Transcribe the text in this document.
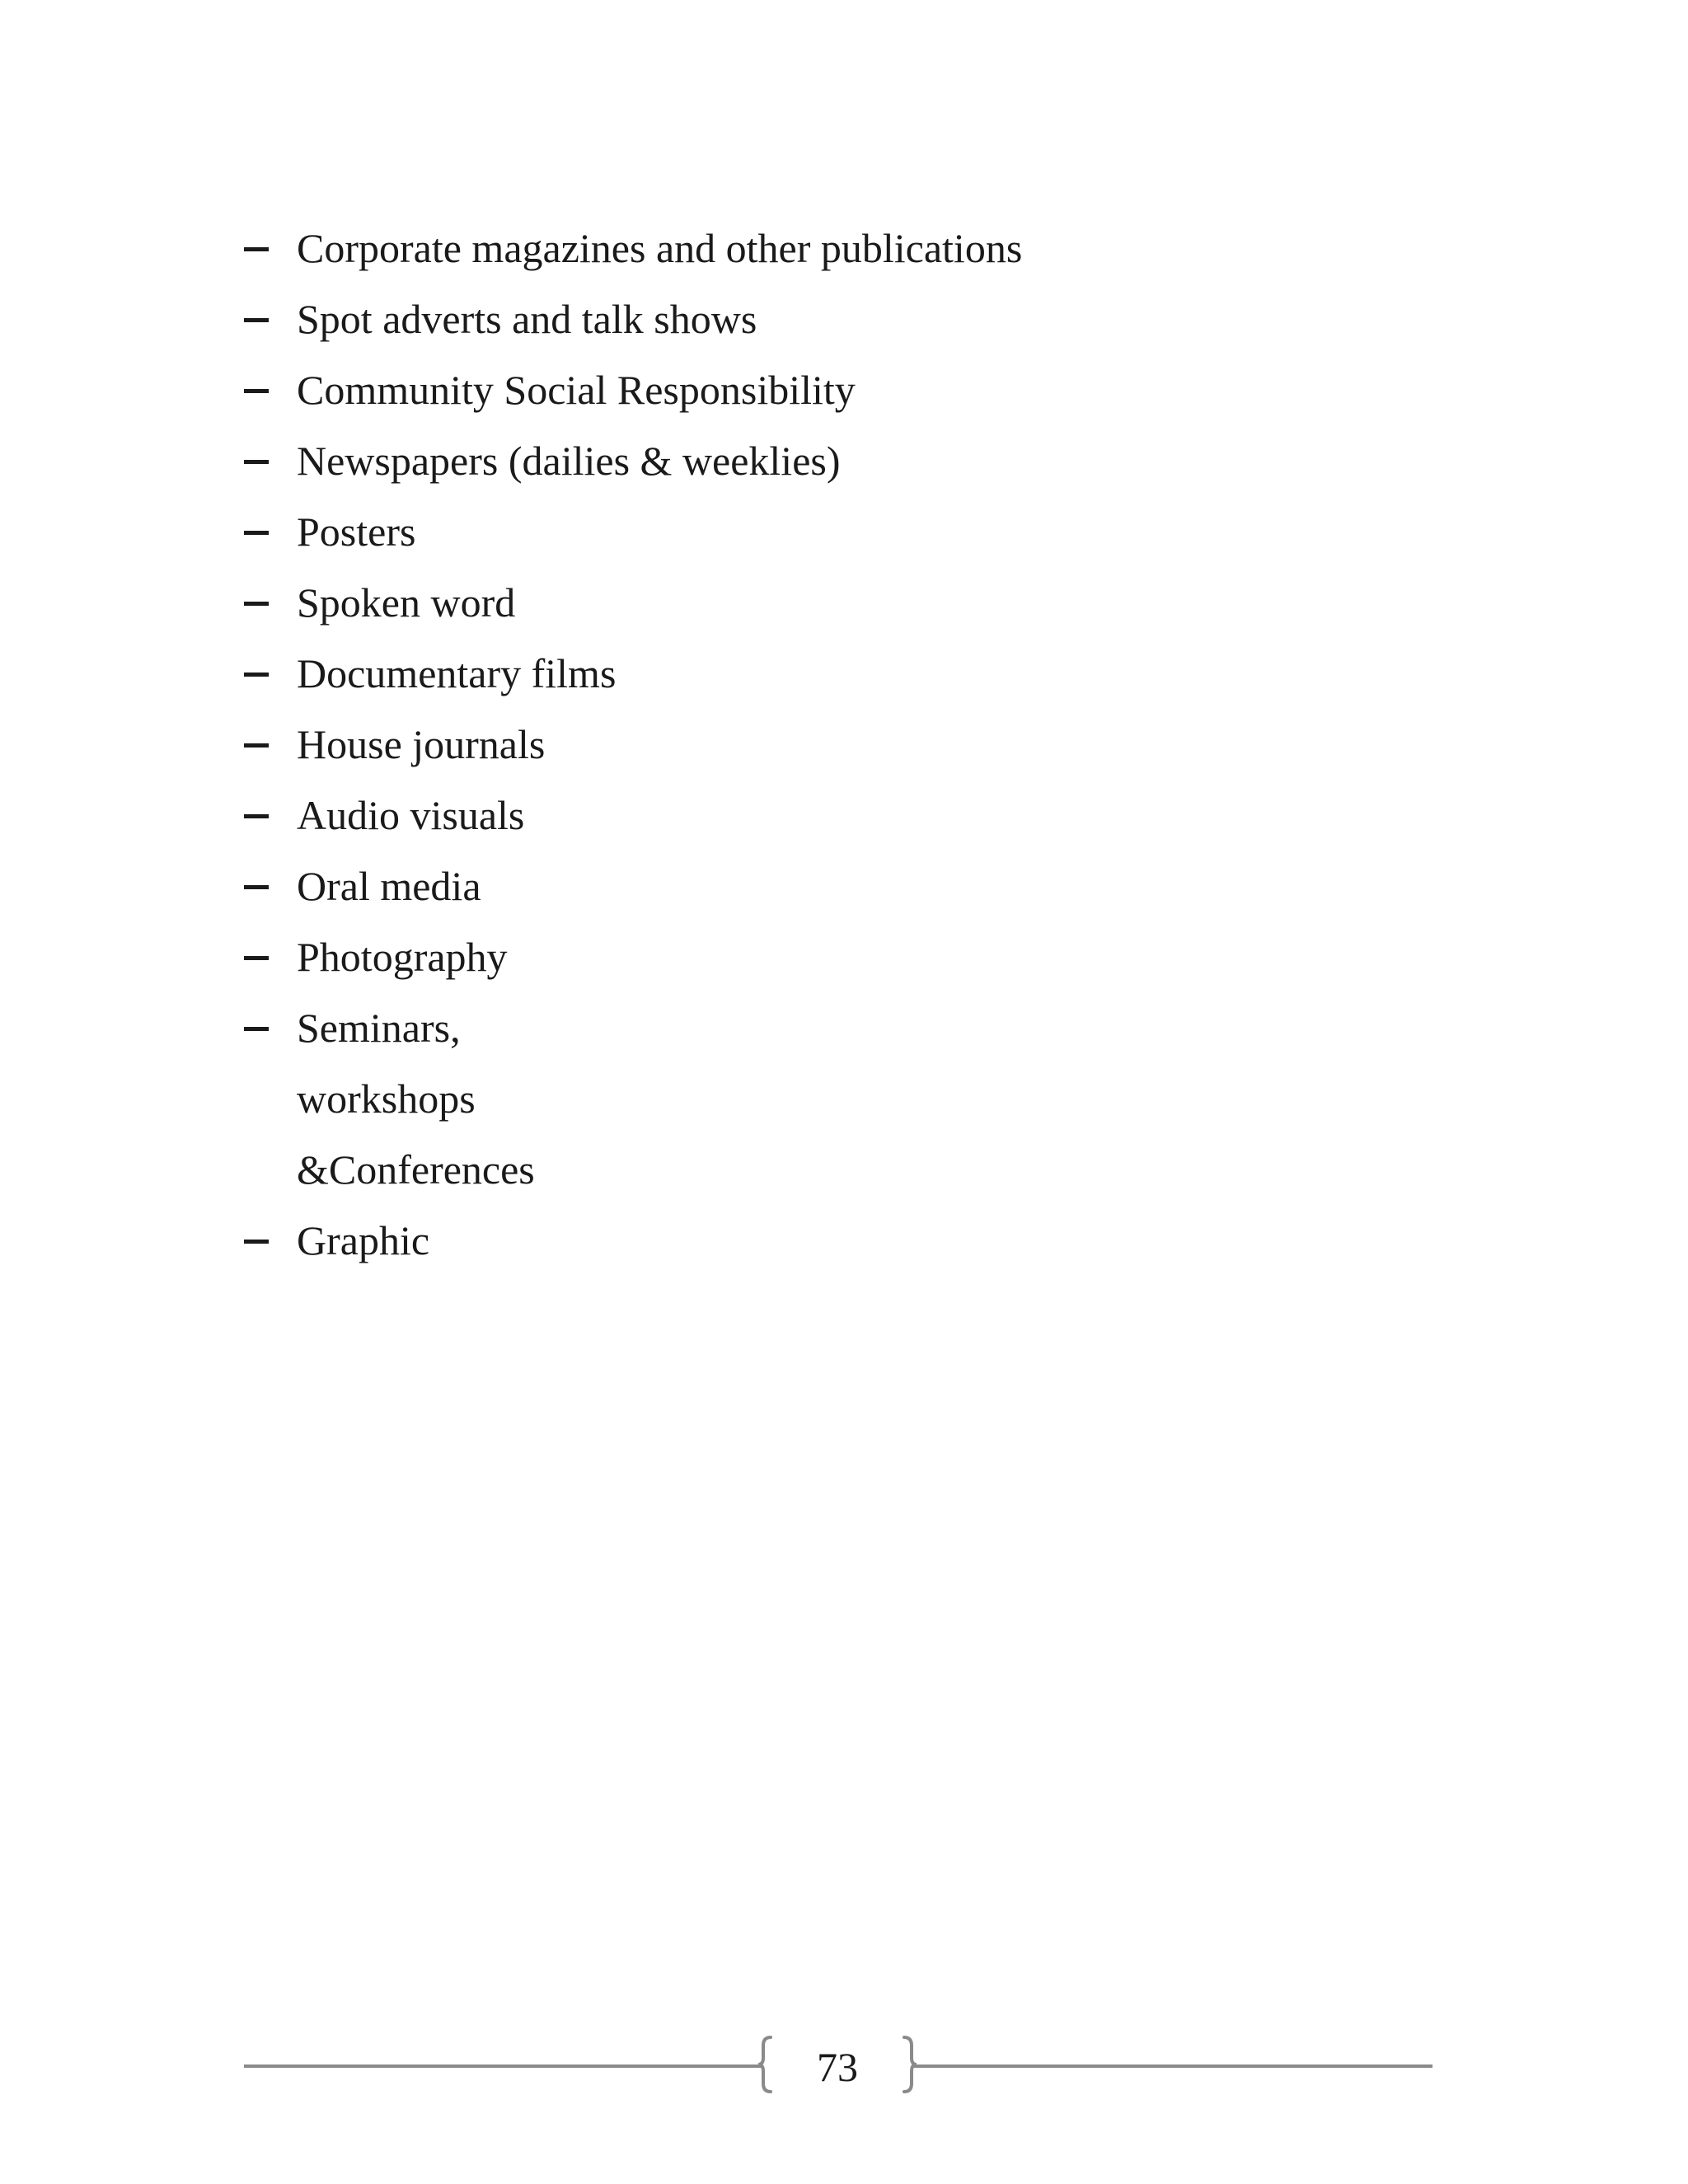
Corporate magazines and other publications
Spot adverts and talk shows
Community Social Responsibility
Newspapers (dailies & weeklies)
Posters
Spoken word
Documentary films
House journals
Audio visuals
Oral media
Photography
Seminars,
workshops
&Conferences
Graphic
73
